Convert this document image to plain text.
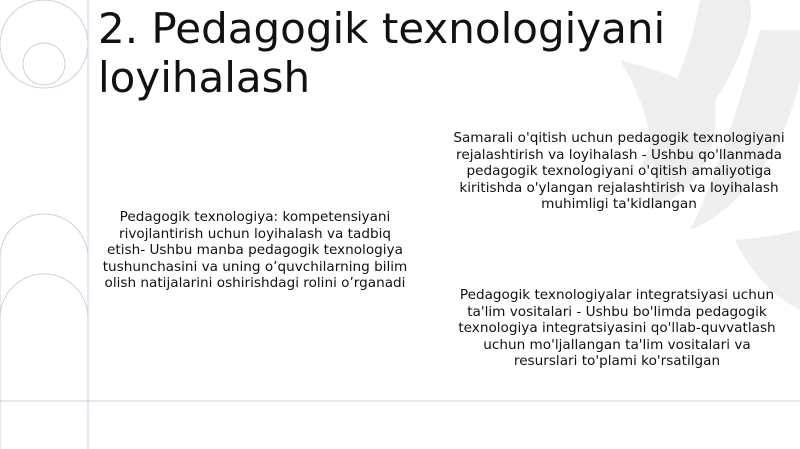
2. Pedagogik texnologiyani loyihalash

Pedagogik texnologiya: kompetensiyani rivojlantirish uchun loyihalash va tadbiq etish- Ushbu manba pedagogik texnologiya tushunchasini va uning o’quvchilarning bilim olish natijalarini oshirishdagi rolini o’rganadi

Samarali o'qitish uchun pedagogik texnologiyani rejalashtirish va loyihalash - Ushbu qo'llanmada pedagogik texnologiyani o'qitish amaliyotiga kiritishda o'ylangan rejalashtirish va loyihalash muhimligi ta'kidlangan

Pedagogik texnologiyalar integratsiyasi uchun ta'lim vositalari - Ushbu bo'limda pedagogik texnologiya integratsiyasini qo'llab-quvvatlash uchun mo'ljallangan ta'lim vositalari va resurslari to'plami ko'rsatilgan
